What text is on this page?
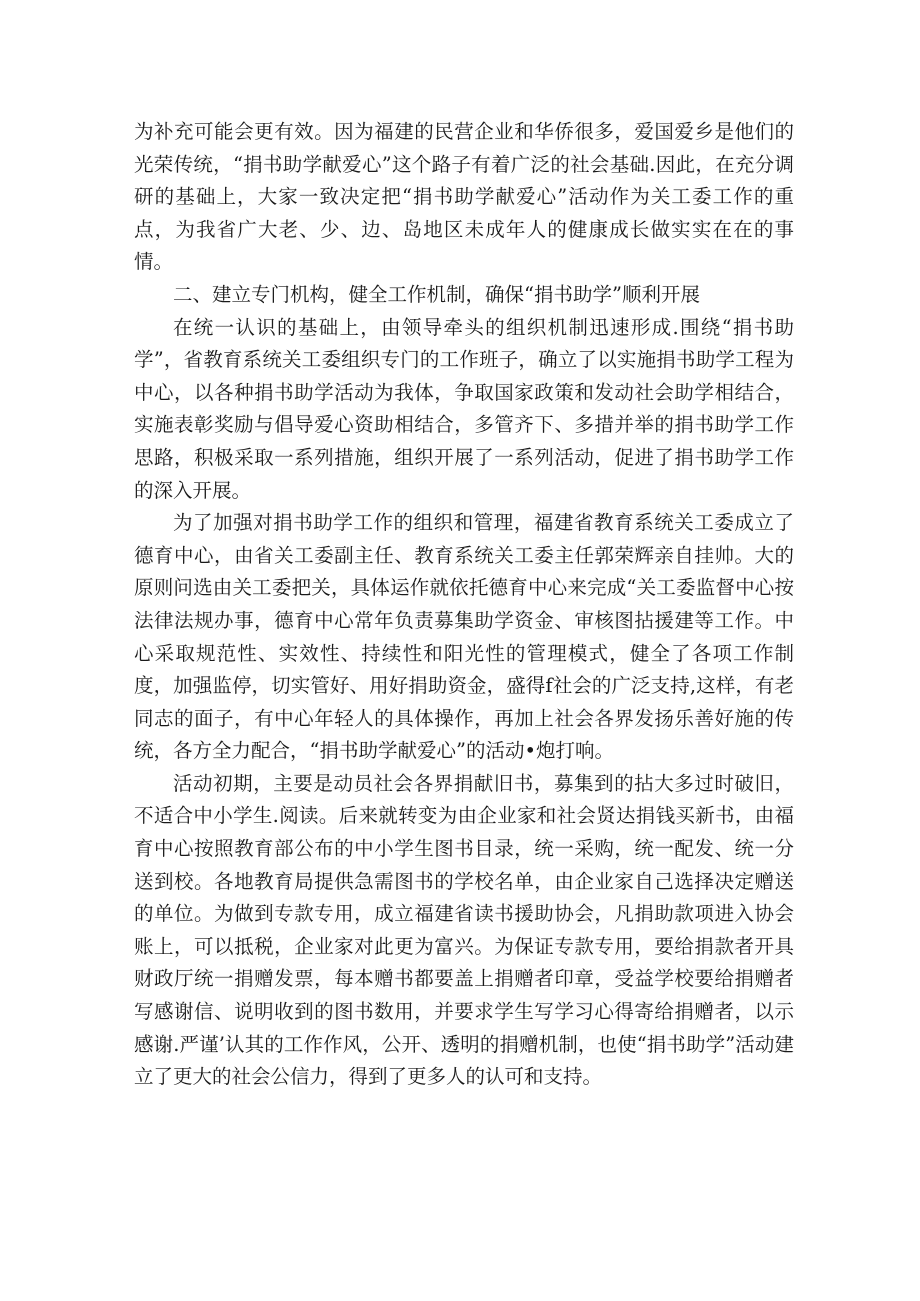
为补充可能会更有效。因为福建的民营企业和华侨很多，爱国爱乡是他们的光荣传统，“捐书助学献爱心”这个路子有着广泛的社会基础.因此，在充分调研的基础上，大家一致决定把“捐书助学献爱心”活动作为关工委工作的重点，为我省广大老、少、边、岛地区未成年人的健康成长做实实在在的事情。

二、建立专门机构，健全工作机制，确保“捐书助学”顺利开展

在统一认识的基础上，由领导牵头的组织机制迅速形成.围绕“捐书助学”，省教育系统关工委组织专门的工作班子，确立了以实施捐书助学工程为中心，以各种捐书助学活动为我体，争取国家政策和发动社会助学相结合，实施表彰奖励与倡导爱心资助相结合，多管齐下、多措并举的捐书助学工作思路，积极采取一系列措施，组织开展了一系列活动，促进了捐书助学工作的深入开展。

为了加强对捐书助学工作的组织和管理，福建省教育系统关工委成立了德育中心，由省关工委副主任、教育系统关工委主任郭荣辉亲自挂帅。大的原则问选由关工委把关，具体运作就依托德育中心来完成“关工委监督中心按法律法规办事，德育中心常年负责募集助学资金、审核图拈援建等工作。中心采取规范性、实效性、持续性和阳光性的管理模式，健全了各项工作制度，加强监停，切实管好、用好捐助资金，盛得f社会的广泛支持,这样，有老同志的面子，有中心年轻人的具体操作，再加上社会各界发扬乐善好施的传统，各方全力配合，“捐书助学献爱心”的活动•炮打响。

活动初期，主要是动员社会各界捐献旧书，募集到的拈大多过时破旧，不适合中小学生.阅读。后来就转变为由企业家和社会贤达捐钱买新书，由福育中心按照教育部公布的中小学生图书目录，统一采购，统一配发、统一分送到校。各地教育局提供急需图书的学校名单，由企业家自己选择决定赠送的单位。为做到专款专用，成立福建省读书援助协会，凡捐助款项进入协会账上，可以抵税，企业家对此更为富兴。为保证专款专用，要给捐款者开具财政厅统一捐赠发票，每本赠书都要盖上捐赠者印章，受益学校要给捐赠者写感谢信、说明收到的图书数用，并要求学生写学习心得寄给捐赠者，以示感谢.严谨’认其的工作作风，公开、透明的捐赠机制，也使“捐书助学”活动建立了更大的社会公信力，得到了更多人的认可和支持。
